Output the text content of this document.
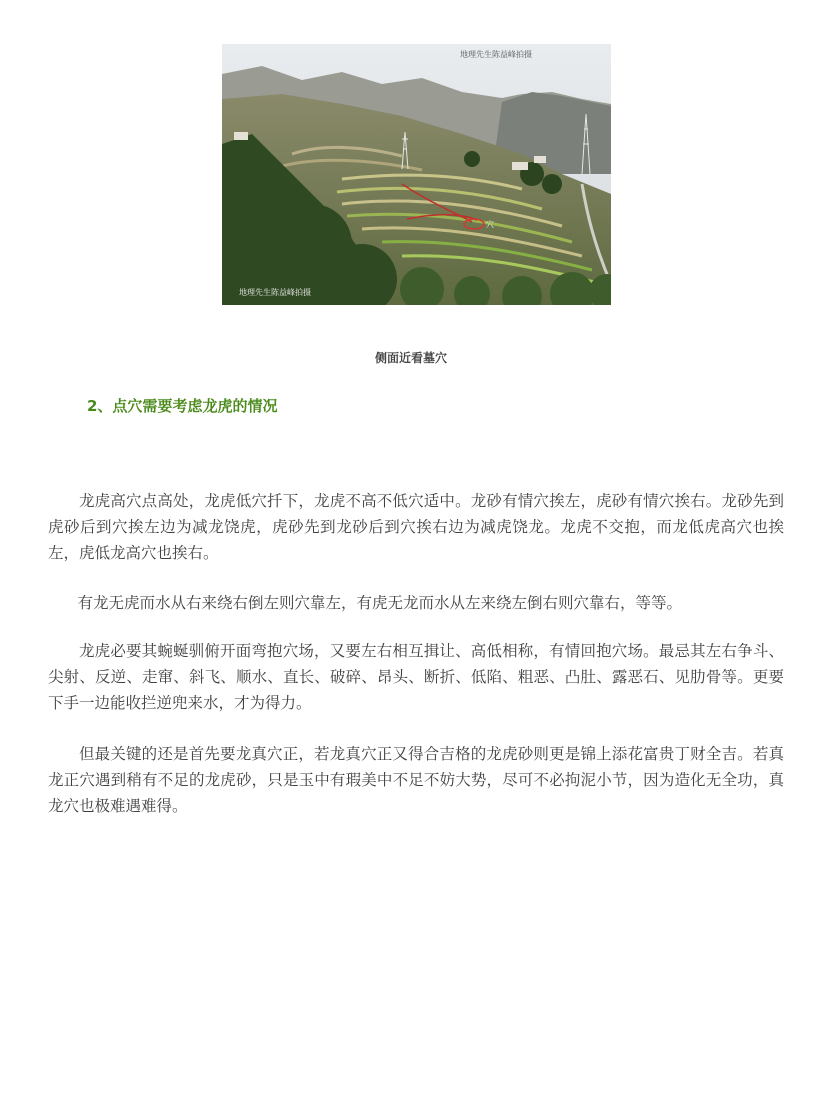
穴
地理先生陈益峰拍摄
地理先生陈益峰拍摄
侧面近看墓穴
2、点穴需要考虑龙虎的情况

龙虎高穴点高处，龙虎低穴扦下，龙虎不高不低穴适中。龙砂有情穴挨左，虎砂有情穴挨右。龙砂先到虎砂后到穴挨左边为减龙饶虎，虎砂先到龙砂后到穴挨右边为减虎饶龙。龙虎不交抱，而龙低虎高穴也挨左，虎低龙高穴也挨右。

有龙无虎而水从右来绕右倒左则穴靠左，有虎无龙而水从左来绕左倒右则穴靠右，等等。

龙虎必要其蜿蜒驯俯开面弯抱穴场，又要左右相互揖让、高低相称，有情回抱穴场。最忌其左右争斗、尖射、反逆、走窜、斜飞、顺水、直长、破碎、昂头、断折、低陷、粗恶、凸肚、露恶石、见肋骨等。更要下手一边能收拦逆兜来水，才为得力。

但最关键的还是首先要龙真穴正，若龙真穴正又得合吉格的龙虎砂则更是锦上添花富贵丁财全吉。若真龙正穴遇到稍有不足的龙虎砂，只是玉中有瑕美中不足不妨大势，尽可不必拘泥小节，因为造化无全功，真龙穴也极难遇难得。
